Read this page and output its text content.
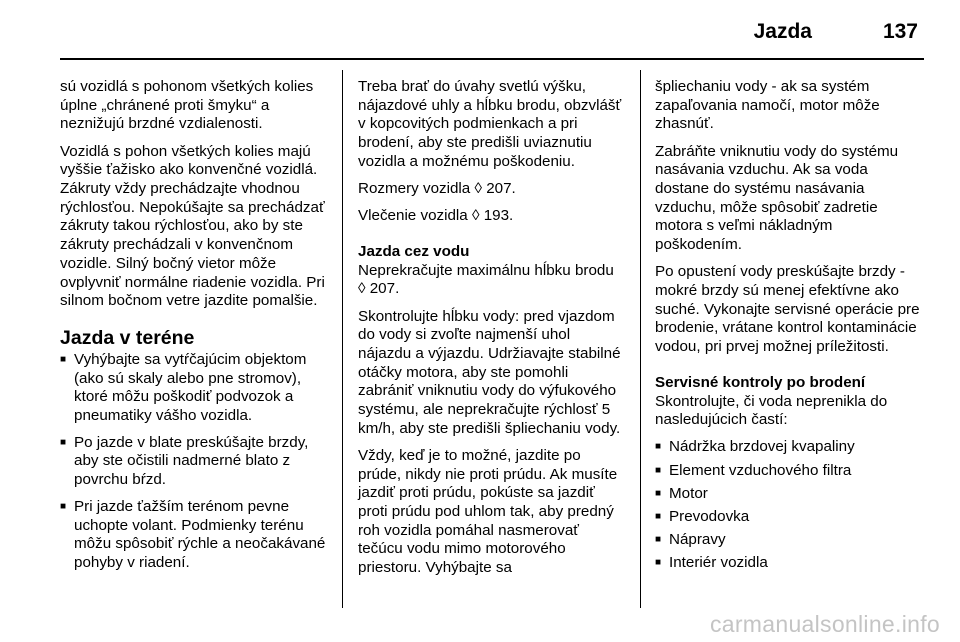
Jazda	137

sú vozidlá s pohonom všetkých kolies úplne „chránené proti šmyku“ a neznižujú brzdné vzdialenosti.

Vozidlá s pohon všetkých kolies majú vyššie ťažisko ako konvenčné vozidlá. Zákruty vždy prechádzajte vhodnou rýchlosťou. Nepokúšajte sa prechádzať zákruty takou rýchlosťou, ako by ste zákruty prechádzali v konvenčnom vozidle. Silný bočný vietor môže ovplyvniť normálne riadenie vozidla. Pri silnom bočnom vetre jazdite pomalšie.

Jazda v teréne
■ Vyhýbajte sa vytŕčajúcim objektom (ako sú skaly alebo pne stromov), ktoré môžu poškodiť podvozok a pneumatiky vášho vozidla.
■ Po jazde v blate preskúšajte brzdy, aby ste očistili nadmerné blato z povrchu bŕzd.
■ Pri jazde ťažším terénom pevne uchopte volant. Podmienky terénu môžu spôsobiť rýchle a neočakávané pohyby v riadení.

Treba brať do úvahy svetlú výšku, nájazdové uhly a hĺbku brodu, obzvlášť v kopcovitých podmienkach a pri brodení, aby ste predišli uviaznutiu vozidla a možnému poškodeniu.

Rozmery vozidla ◊ 207.

Vlečenie vozidla ◊ 193.

Jazda cez vodu

Neprekračujte maximálnu hĺbku brodu ◊ 207.

Skontrolujte hĺbku vody: pred vjazdom do vody si zvoľte najmenší uhol nájazdu a výjazdu. Udržiavajte stabilné otáčky motora, aby ste pomohli zabrániť vniknutiu vody do výfukového systému, ale neprekračujte rýchlosť 5 km/h, aby ste predišli špliechaniu vody.

Vždy, keď je to možné, jazdite po prúde, nikdy nie proti prúdu. Ak musíte jazdiť proti prúdu, pokúste sa jazdiť proti prúdu pod uhlom tak, aby predný roh vozidla pomáhal nasmerovať tečúcu vodu mimo motorového priestoru. Vyhýbajte sa

špliechaniu vody - ak sa systém zapaľovania namočí, motor môže zhasnúť.

Zabráňte vniknutiu vody do systému nasávania vzduchu. Ak sa voda dostane do systému nasávania vzduchu, môže spôsobiť zadretie motora s veľmi nákladným poškodením.

Po opustení vody preskúšajte brzdy - mokré brzdy sú menej efektívne ako suché. Vykonajte servisné operácie pre brodenie, vrátane kontrol kontaminácie vodou, pri prvej možnej príležitosti.

Servisné kontroly po brodení

Skontrolujte, či voda neprenikla do nasledujúcich častí:

■ Nádržka brzdovej kvapaliny
■ Element vzduchového filtra
■ Motor
■ Prevodovka
■ Nápravy
■ Interiér vozidla
carmanualsonline.info
